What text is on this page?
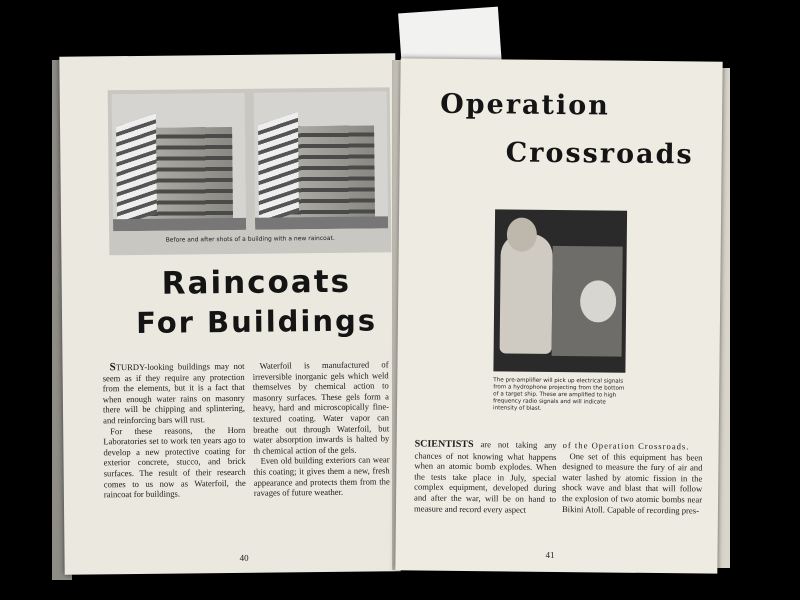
Before and after shots of a building with a new raincoat.
Raincoats
For Buildings

STURDY-looking buildings may not seem as if they require any protection from the elements, but it is a fact that when enough water rains on masonry there will be chipping and splintering, and reinforcing bars will rust.

For these reasons, the Horn Laboratories set to work ten years ago to develop a new protective coating for exterior concrete, stucco, and brick surfaces. The result of their research comes to us now as Waterfoil, the raincoat for buildings.

Waterfoil is manufactured of irreversible inorganic gels which weld themselves by chemical action to masonry surfaces. These gels form a heavy, hard and microscopically fine-textured coating. Water vapor can breathe out through Waterfoil, but water absorption inwards is halted by th chemical action of the gels.

Even old building exteriors can wear this coating; it gives them a new, fresh appearance and protects them from the ravages of future weather.

40
Operation
Crossroads
The pre-amplifier will pick up electrical signals from a hydrophone projecting from the bottom of a target ship. These are amplified to high frequency radio signals and will indicate intensity of blast.

SCIENTISTS are not taking any chances of not knowing what happens when an atomic bomb explodes. When the tests take place in July, special complex equipment, developed during and after the war, will be on hand to measure and record every aspect

of the Operation Crossroads.

One set of this equipment has been designed to measure the fury of air and water lashed by atomic fission in the shock wave and blast that will follow the explosion of two atomic bombs near Bikini Atoll. Capable of recording pres-

41
